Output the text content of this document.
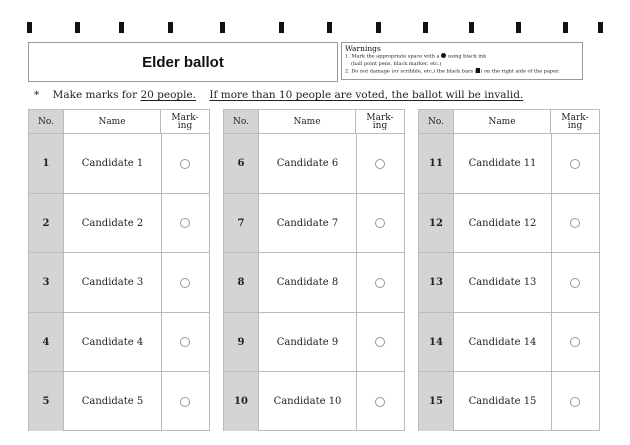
Elder ballot
Warnings
1. Mark the appropriate space with a using black ink
(ball point pens, black marker, etc.)
2. Do not damage (or scribble, etc.) the black bars ( ) on the right side of the paper.
* Make marks for 20 people. If more than 10 people are voted, the ballot will be invalid.
No.	Name	Mark-
ing
1	Candidate 1
2	Candidate 2
3	Candidate 3
4	Candidate 4
5	Candidate 5
No.	Name	Mark-
ing
6	Candidate 6
7	Candidate 7
8	Candidate 8
9	Candidate 9
10	Candidate 10
No.	Name	Mark-
ing
11	Candidate 11
12	Candidate 12
13	Candidate 13
14	Candidate 14
15	Candidate 15
